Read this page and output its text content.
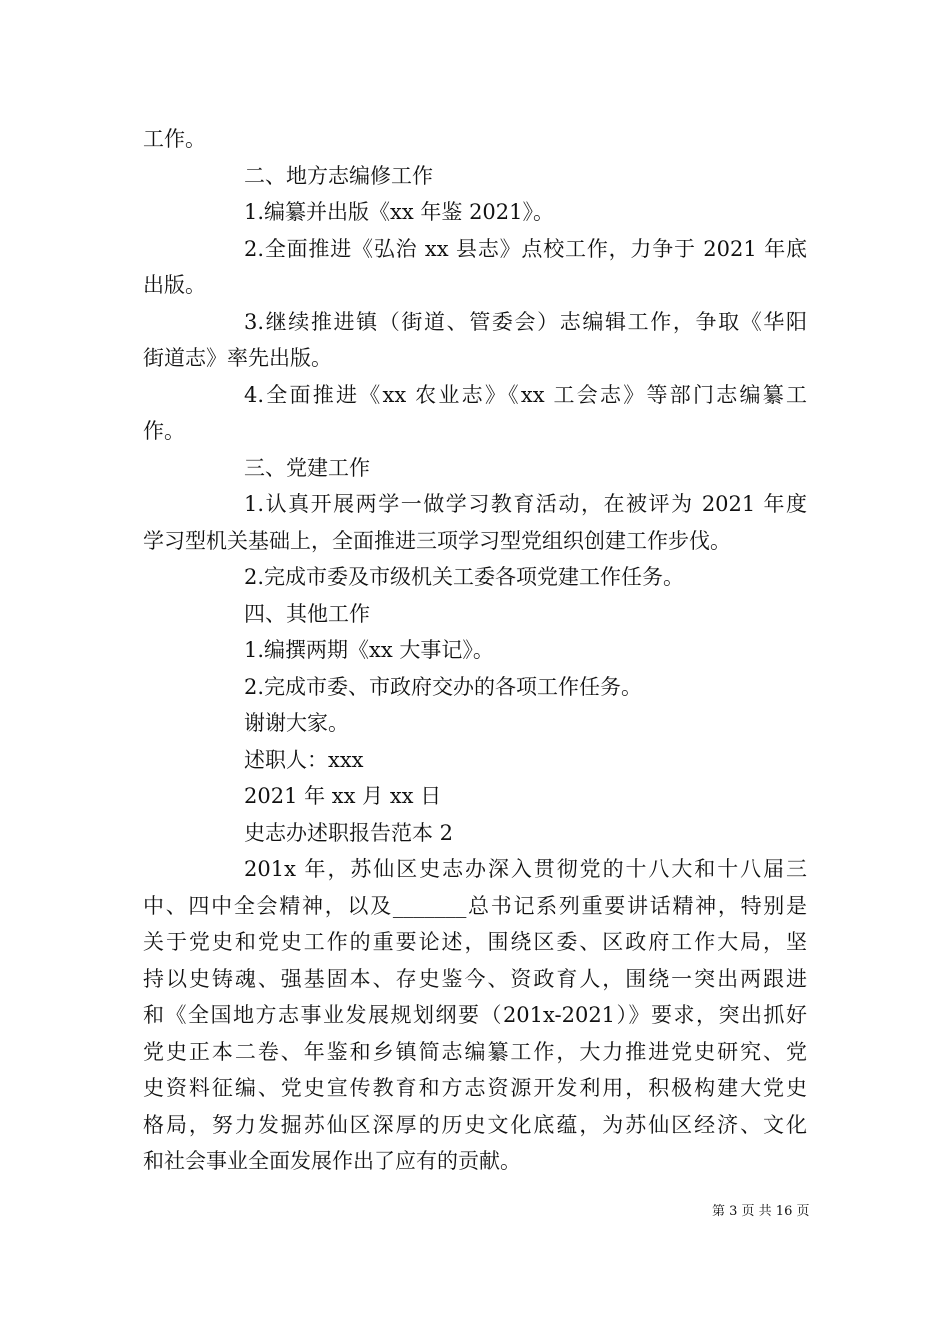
工作。
二、地方志编修工作
1.编纂并出版《xx 年鉴 2021》。
2.全面推进《弘治 xx 县志》点校工作，力争于 2021 年底
出版。
3.继续推进镇（街道、管委会）志编辑工作，争取《华阳
街道志》率先出版。
4.全面推进《xx 农业志》《xx 工会志》等部门志编纂工
作。
三、党建工作
1.认真开展两学一做学习教育活动，在被评为 2021 年度
学习型机关基础上，全面推进三项学习型党组织创建工作步伐。
2.完成市委及市级机关工委各项党建工作任务。
四、其他工作
1.编撰两期《xx 大事记》。
2.完成市委、市政府交办的各项工作任务。
谢谢大家。
述职人：xxx
2021 年 xx 月 xx 日
史志办述职报告范本 2
201x 年，苏仙区史志办深入贯彻党的十八大和十八届三
中、四中全会精神，以及_______总书记系列重要讲话精神，特别是
关于党史和党史工作的重要论述，围绕区委、区政府工作大局，坚
持以史铸魂、强基固本、存史鉴今、资政育人，围绕一突出两跟进
和《全国地方志事业发展规划纲要（201x-2021）》要求，突出抓好
党史正本二卷、年鉴和乡镇简志编纂工作，大力推进党史研究、党
史资料征编、党史宣传教育和方志资源开发利用，积极构建大党史
格局，努力发掘苏仙区深厚的历史文化底蕴，为苏仙区经济、文化
和社会事业全面发展作出了应有的贡献。
第 3 页 共 16 页
